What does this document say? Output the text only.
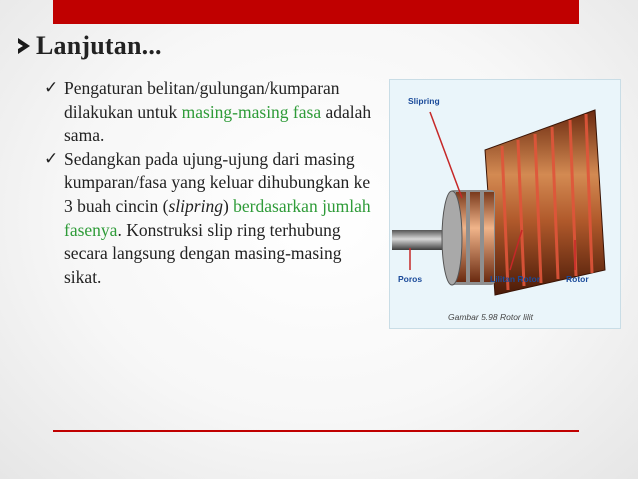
Lanjutan...
✓ Pengaturan belitan/gulungan/kumparan dilakukan untuk masing-masing fasa adalah sama.
✓ Sedangkan pada ujung-ujung dari masing kumparan/fasa yang keluar dihubungkan ke 3 buah cincin (slipring) berdasarkan jumlah fasenya. Konstruksi slip ring terhubung secara langsung dengan masing-masing sikat.
Slipring
Poros	Lilitan Rotor	Rotor
Gambar 5.98 Rotor lilit
